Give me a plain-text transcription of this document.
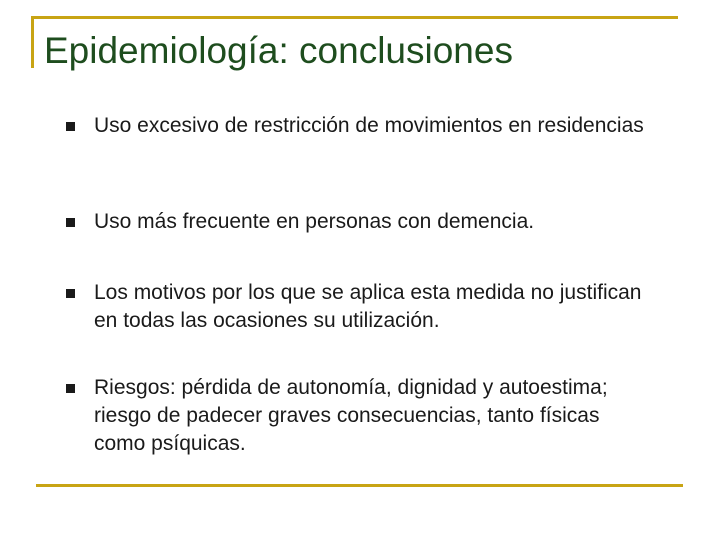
Epidemiología: conclusiones
Uso excesivo de restricción de movimientos en residencias
Uso más frecuente en personas con demencia.
Los motivos por los que se aplica esta medida no justifican en todas las ocasiones su utilización.
Riesgos: pérdida de autonomía, dignidad y autoestima; riesgo de padecer graves consecuencias, tanto físicas como psíquicas.
